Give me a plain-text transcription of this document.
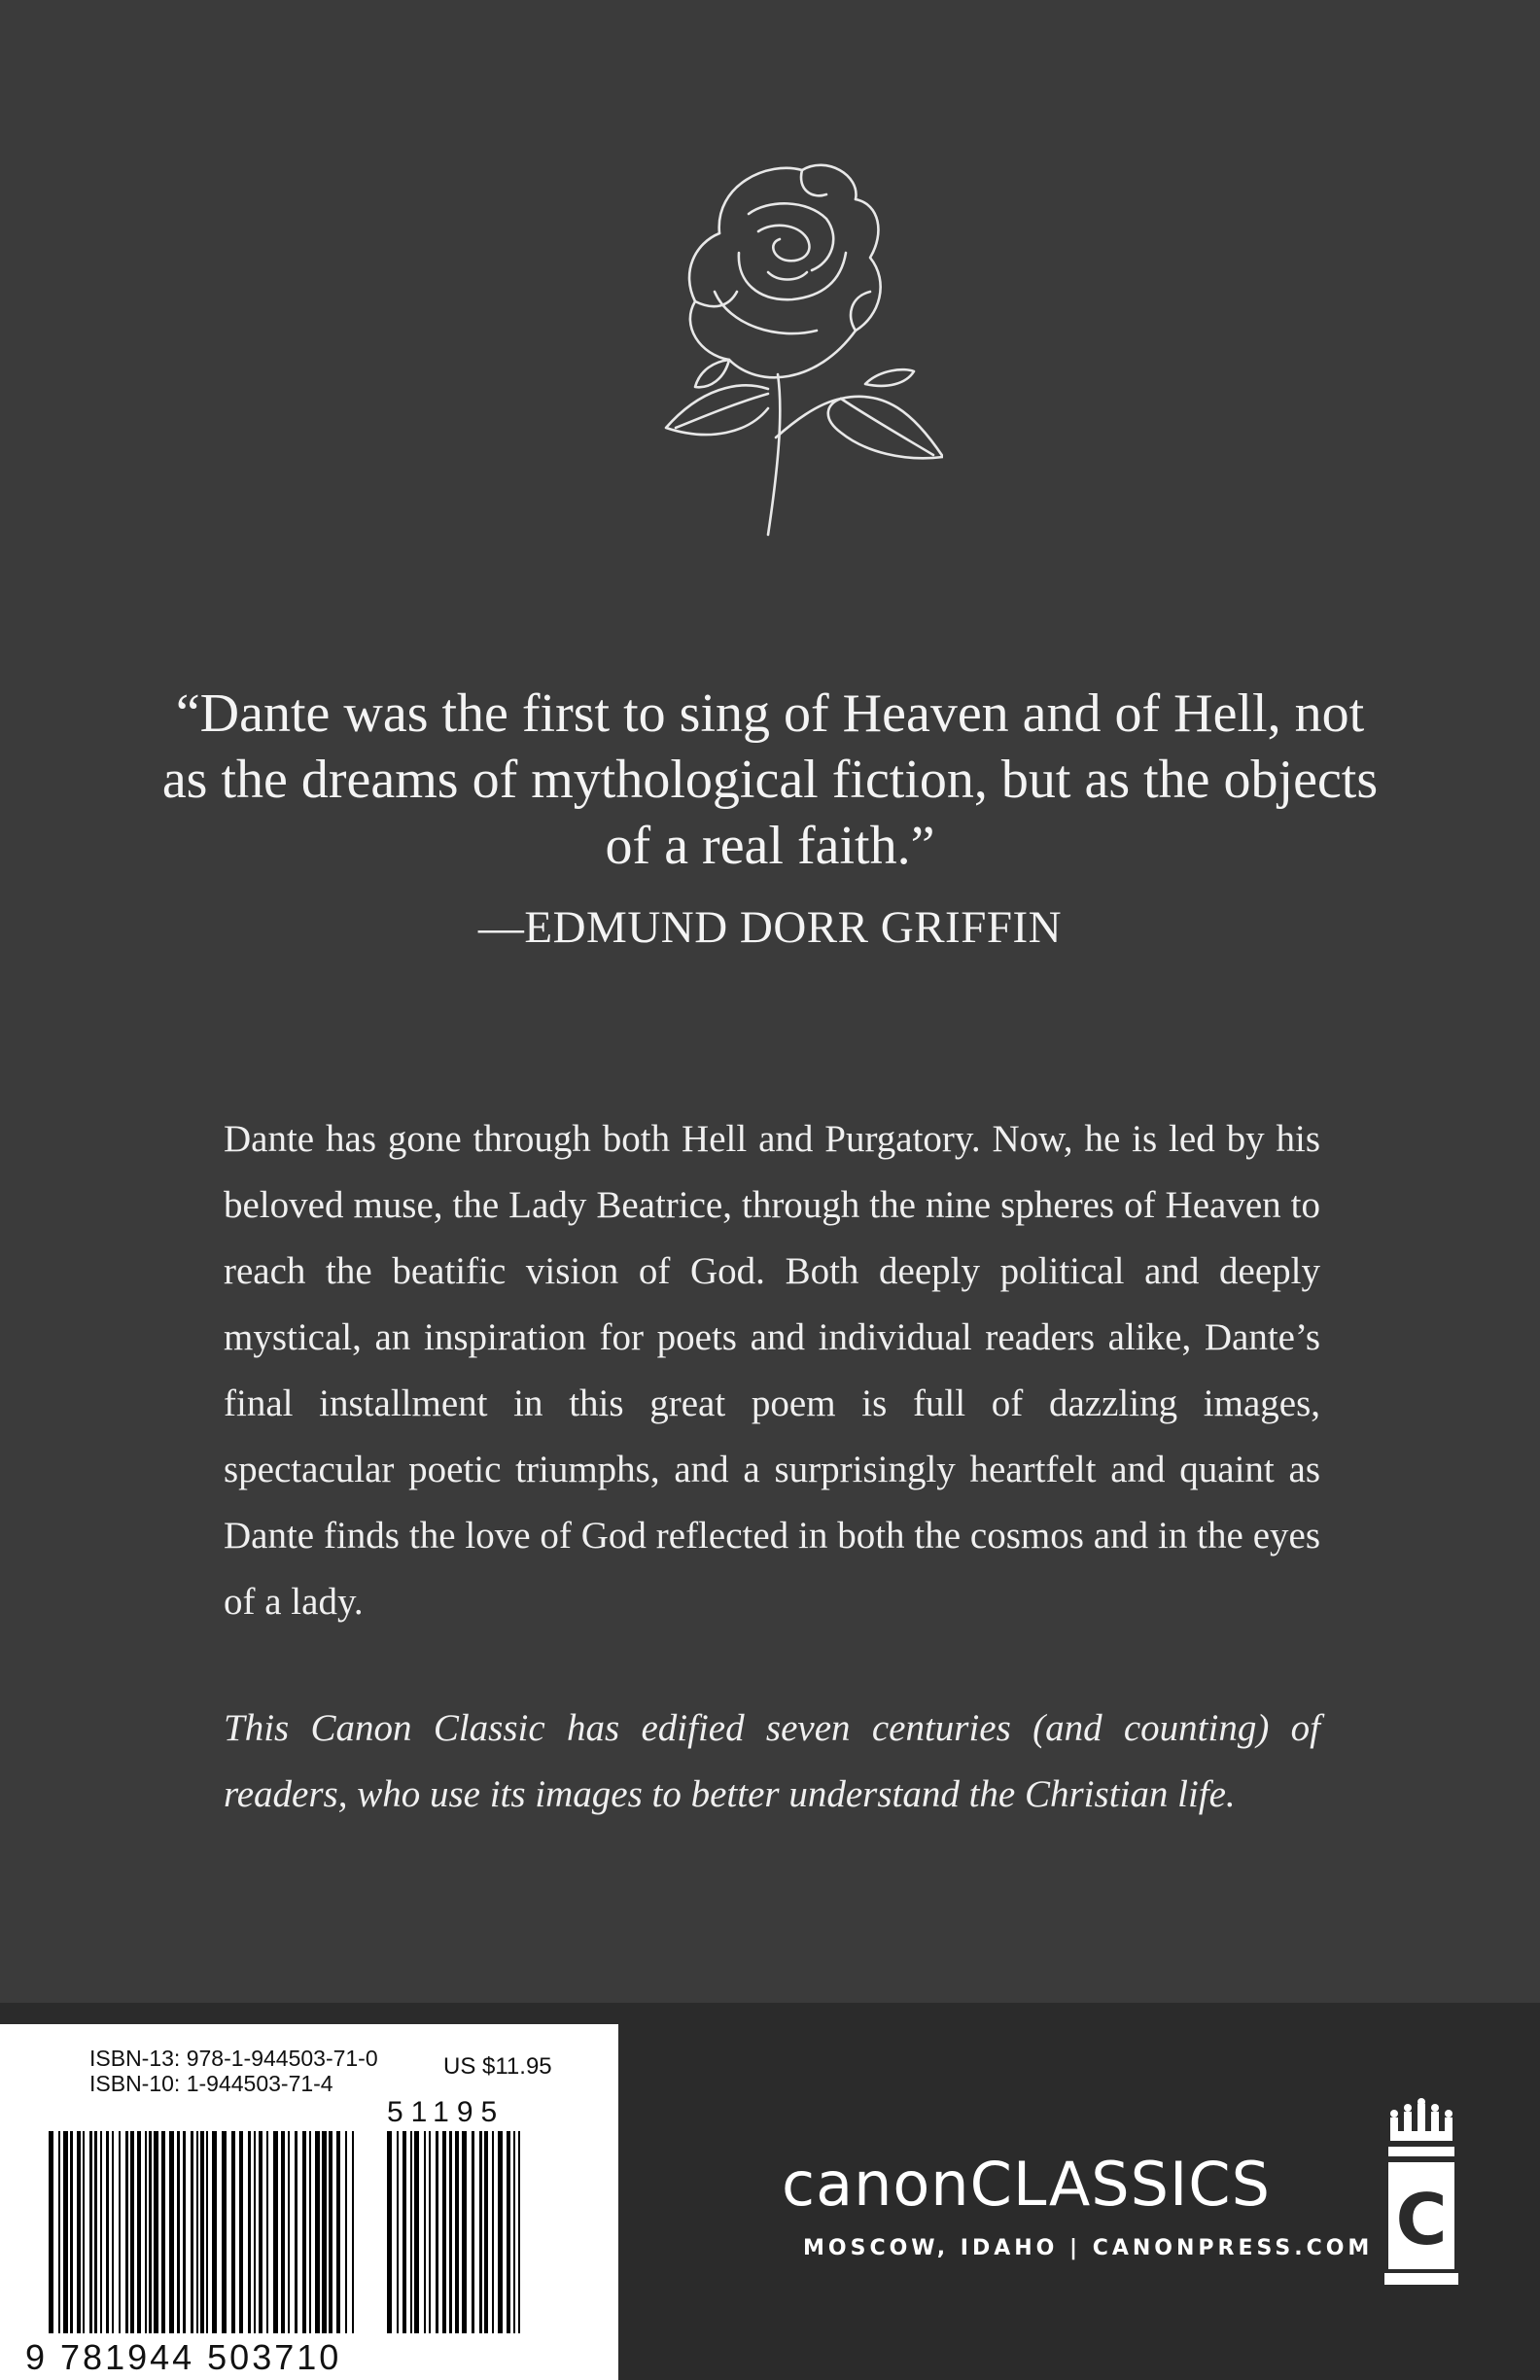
“Dante was the first to sing of Heaven and of Hell, not as the dreams of mythological fiction, but as the objects of a real faith.”

—EDMUND DORR GRIFFIN

Dante has gone through both Hell and Purgatory. Now, he is led by his beloved muse, the Lady Beatrice, through the nine spheres of Heaven to reach the beatific vision of God. Both deeply political and deeply mystical, an inspiration for poets and individual readers alike, Dante’s final installment in this great poem is full of dazzling images, spectacular poetic triumphs, and a surprisingly heartfelt and quaint as Dante finds the love of God reflected in both the cosmos and in the eyes of a lady.

This Canon Classic has edified seven centuries (and counting) of readers, who use its images to better understand the Christian life.

ISBN-13: 978-1-944503-71-0
ISBN-10: 1-944503-71-4
US $11.95
51195
9 781944 503710
canonCLASSICS
MOSCOW, IDAHO | CANONPRESS.COM C
